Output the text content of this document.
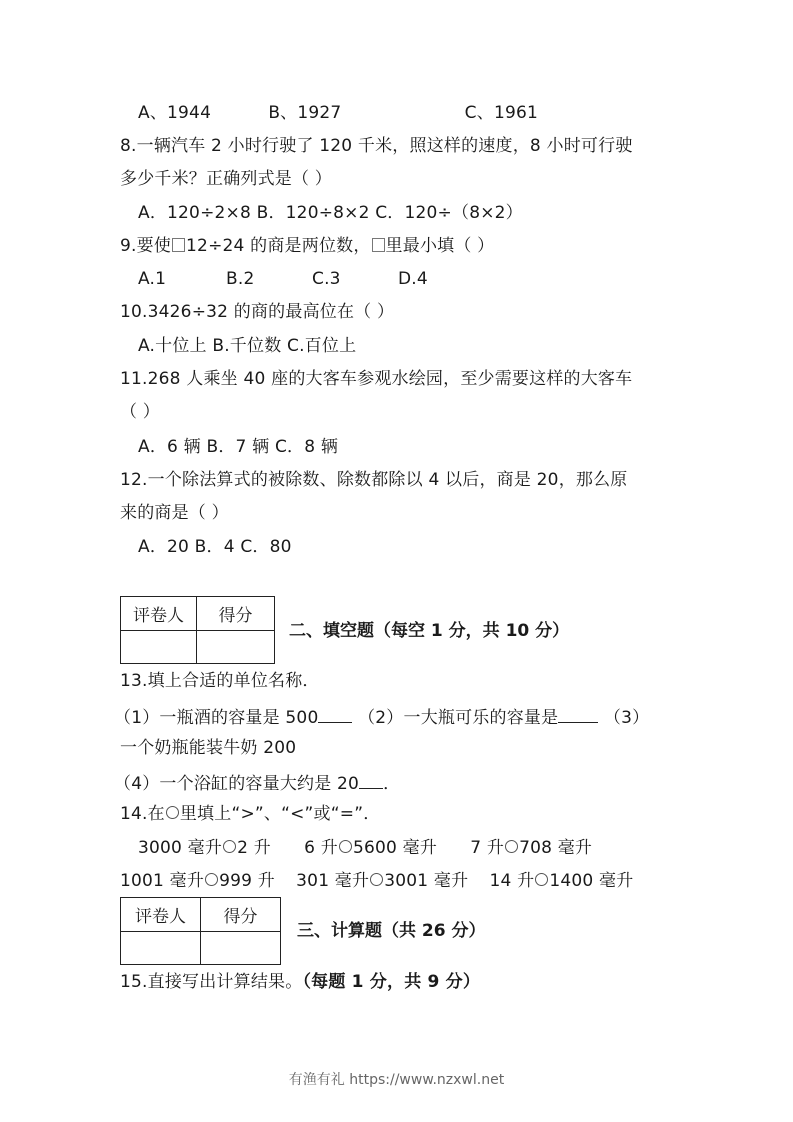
A、1944	B、1927	C、1961
8.一辆汽车 2 小时行驶了 120 千米，照这样的速度，8 小时可行驶
多少千米？正确列式是（ ）
A．120÷2×8 B．120÷8×2 C．120÷（8×2）
9.要使 12÷24 的商是两位数， 里最小填（ ）
A.1	B.2	C.3	D.4
10.3426÷32 的商的最高位在（ ）
A.十位上 B.千位数 C.百位上
11.268 人乘坐 40 座的大客车参观水绘园，至少需要这样的大客车
（ ）
A．6 辆 B．7 辆 C．8 辆
12.一个除法算式的被除数、除数都除以 4 以后，商是 20，那么原
来的商是（ ）
A．20 B．4 C．80
评卷人	得分

二、填空题（每空 1 分，共 10 分）
13.填上合适的单位名称．
（1）一瓶酒的容量是 500 （2）一大瓶可乐的容量是	（3）
一个奶瓶能装牛奶 200
（4）一个浴缸的容量大约是 20 ．
14.在 里填上“>”、“<”或“=”．
3000 毫升 2 升 6 升 5600 毫升 7 升 708 毫升
1001 毫升 999 升 301 毫升 3001 毫升 14 升 1400 毫升
评卷人	得分

三、计算题（共 26 分）
15.直接写出计算结果。（每题 1 分，共 9 分）
有渔有礼 https://www.nzxwl.net
